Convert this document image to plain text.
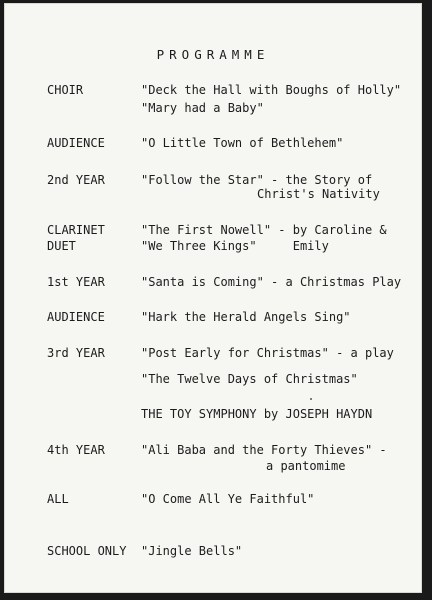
PROGRAMME
CHOIR	"Deck the Hall with Boughs of Holly"
"Mary had a Baby"
AUDIENCE	"O Little Town of Bethlehem"
2nd YEAR	"Follow the Star" - the Story of
Christ's Nativity
CLARINET	"The First Nowell" - by Caroline &
DUET	"We Three Kings"     Emily
1st YEAR	"Santa is Coming" - a Christmas Play
AUDIENCE	"Hark the Herald Angels Sing"
3rd YEAR	"Post Early for Christmas" - a play
"The Twelve Days of Christmas"
THE TOY SYMPHONY by JOSEPH HAYDN
4th YEAR	"Ali Baba and the Forty Thieves" -
a pantomime
ALL	"O Come All Ye Faithful"
SCHOOL ONLY "Jingle Bells"
